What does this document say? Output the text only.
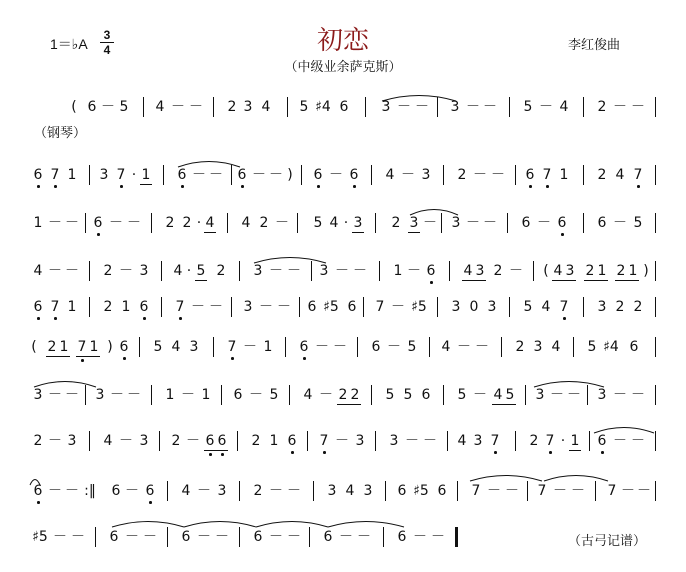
1＝♭A
3
4	初恋
（中级业余萨克斯）
李红俊曲
（钢琴）
（古弓记谱）
( 6 － 5 4 － － 2 3 4 5 ♯4 6 3 － － 3 － － 5 － 4 2 － －
6 7 1 3 7 · 1 6 － － 6 － － ) 6 － 6 4 － 3 2 － － 6 7 1 2 4 7
1 － － 6 － － 2 2 · 4 4 2 － 5 4 · 3 2 3 － 3 － － 6 － 6 6 － 5
4 － － 2 － 3 4 · 5 2 3 － － 3 － － 1 － 6 4 3 2 － ( 4 3 2 1 2 1 )
6 7 1 2 1 6 7 － － 3 － － 6 ♯5 6 7 － ♯5 3 0 3 5 4 7 3 2 2
( 2 1 7 1 ) 6 5 4 3 7 － 1 6 － － 6 － 5 4 － － 2 3 4 5 ♯4 6
3 － － 3 － － 1 － 1 6 － 5 4 － 2 2 5 5 6 5 － 4 5 3 － － 3 － －
2 － 3 4 － 3 2 － 6 6 2 1 6 7 － 3 3 － － 4 3 7 2 7 · 1 6 － －
6 － － :‖ 6 － 6 4 － 3 2 － － 3 4 3 6 ♯5 6 7 － － 7 － － 7 － －
♯5 － － 6 － － 6 － － 6 － － 6 － － 6 － －
